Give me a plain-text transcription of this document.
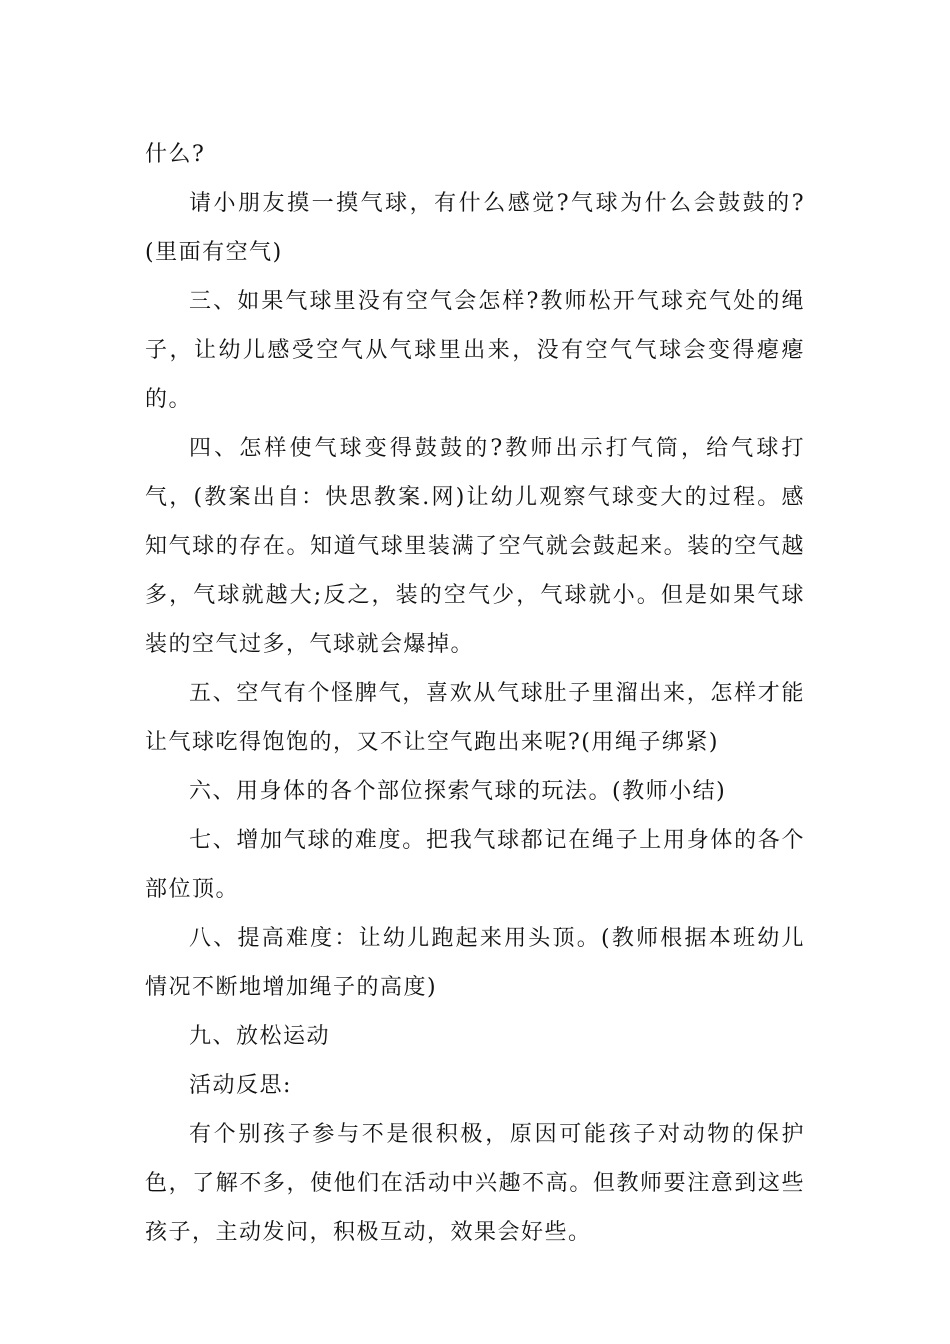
什么?

请小朋友摸一摸气球，有什么感觉?气球为什么会鼓鼓的?(里面有空气)

三、如果气球里没有空气会怎样?教师松开气球充气处的绳子，让幼儿感受空气从气球里出来，没有空气气球会变得瘪瘪的。

四、怎样使气球变得鼓鼓的?教师出示打气筒，给气球打气，(教案出自：快思教案.网)让幼儿观察气球变大的过程。感知气球的存在。知道气球里装满了空气就会鼓起来。装的空气越多，气球就越大;反之，装的空气少，气球就小。但是如果气球装的空气过多，气球就会爆掉。

五、空气有个怪脾气，喜欢从气球肚子里溜出来，怎样才能让气球吃得饱饱的，又不让空气跑出来呢?(用绳子绑紧)

六、用身体的各个部位探索气球的玩法。(教师小结)

七、增加气球的难度。把我气球都记在绳子上用身体的各个部位顶。

八、提高难度：让幼儿跑起来用头顶。(教师根据本班幼儿情况不断地增加绳子的高度)

九、放松运动

活动反思:

有个别孩子参与不是很积极，原因可能孩子对动物的保护色，了解不多，使他们在活动中兴趣不高。但教师要注意到这些孩子，主动发问，积极互动，效果会好些。
